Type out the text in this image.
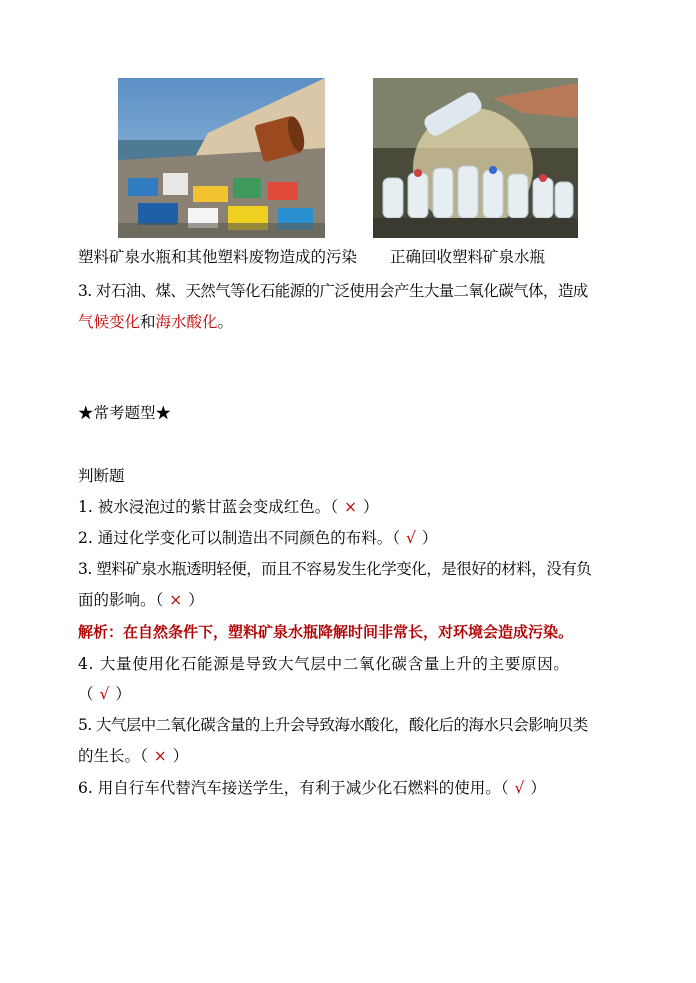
塑料矿泉水瓶和其他塑料废物造成的污染 正确回收塑料矿泉水瓶
3. 对石油、煤、天然气等化石能源的广泛使用会产生大量二氧化碳气体，造成
气候变化和海水酸化。
★常考题型★
判断题
1. 被水浸泡过的紫甘蓝会变成红色。（ × ）
2. 通过化学变化可以制造出不同颜色的布料。（ √ ）
3. 塑料矿泉水瓶透明轻便，而且不容易发生化学变化，是很好的材料，没有负
面的影响。（ × ）
解析：在自然条件下，塑料矿泉水瓶降解时间非常长，对环境会造成污染。
4. 大量使用化石能源是导致大气层中二氧化碳含量上升的主要原因。
（ √ ）
5. 大气层中二氧化碳含量的上升会导致海水酸化，酸化后的海水只会影响贝类
的生长。（ × ）
6. 用自行车代替汽车接送学生，有利于减少化石燃料的使用。（ √ ）
